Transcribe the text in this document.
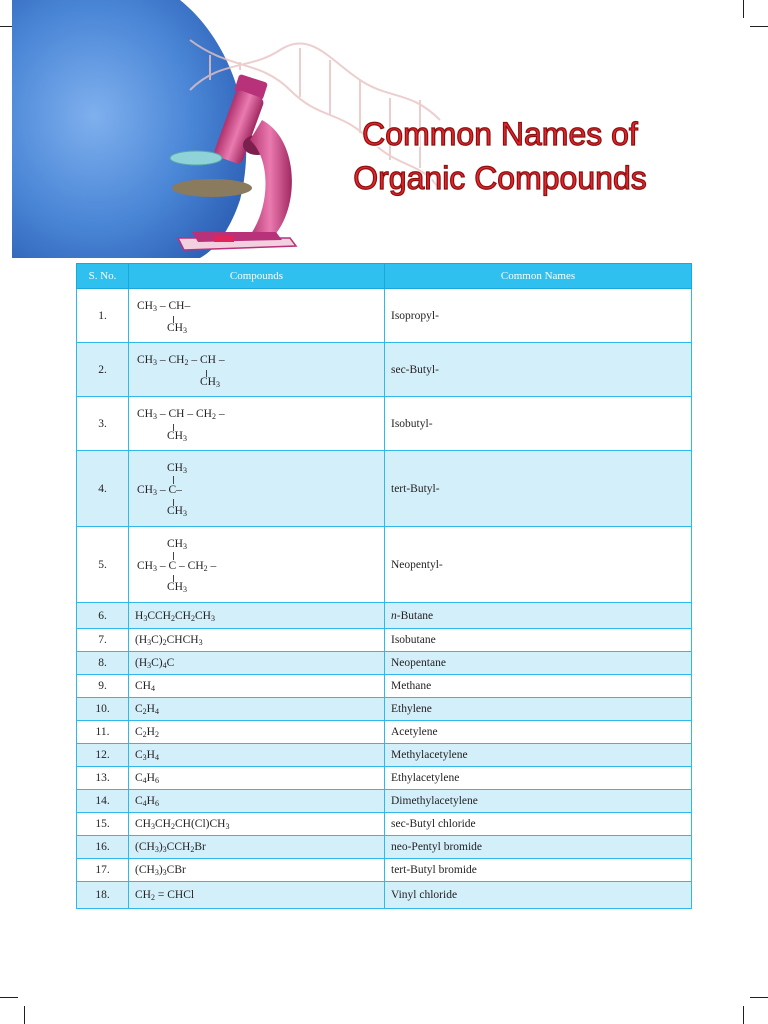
Common Names of
Organic Compounds
S. No.	Compounds	Common Names
1.	$CH_3 - CH-$
$CH_3$	Isopropyl-
2.	$CH_3 - CH_2$ – CH –
$CH_3$	sec-Butyl-
3.	$CH_3$ – CH – $CH_2$ –
$CH_3$	Isobutyl-
4.	$CH_3$
$CH_3 - C-$
$CH_3$	tert-Butyl-
5.	$CH_3$
$CH_3$ – C – $CH_2$ –
$CH_3$	Neopentyl-
6.	$H_3CCH_2CH_2CH_3$	n-Butane
7.	$(H_3C)_2CHCH_3$	Isobutane
8.	$(H_3C)_4C$	Neopentane
9.	$CH_4$	Methane
10.	$C_2H_4$	Ethylene
11.	$C_2H_2$	Acetylene
12.	$C_3H_4$	Methylacetylene
13.	$C_4H_6$	Ethylacetylene
14.	$C_4H_6$	Dimethylacetylene
15.	$CH_3CH_2CH(Cl)CH_3$	sec-Butyl chloride
16.	$(CH_3)_3CCH_2Br$	neo-Pentyl bromide
17.	$(CH_3)_3CBr$	tert-Butyl bromide
18.	$CH_2$ = CHCl	Vinyl chloride
